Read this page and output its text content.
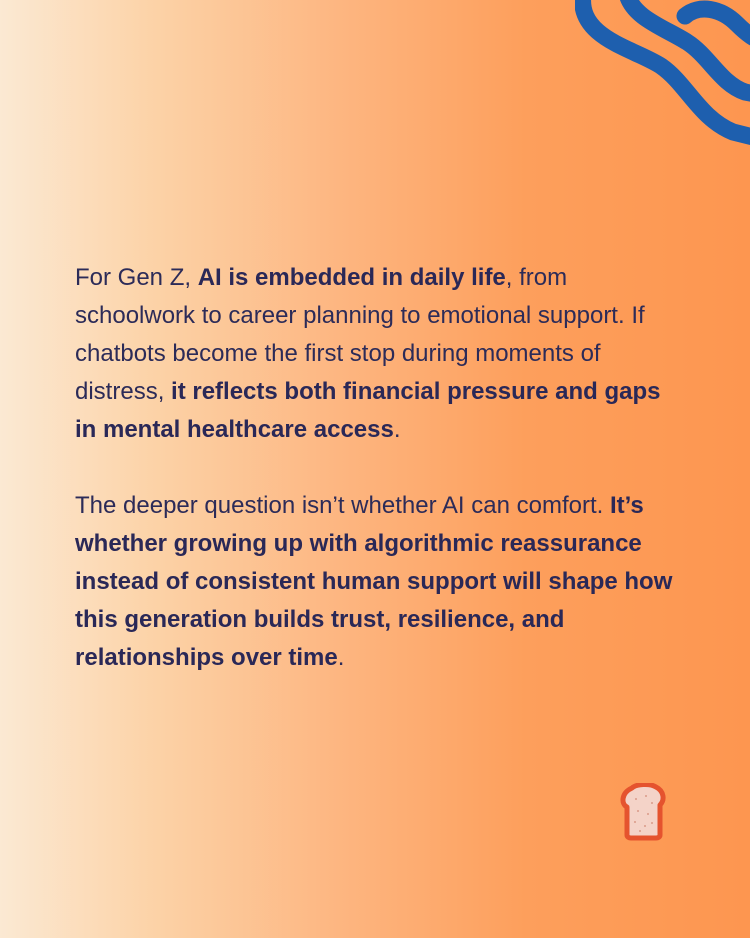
For Gen Z, AI is embedded in daily life, from schoolwork to career planning to emotional support. If chatbots become the first stop during moments of distress, it reflects both financial pressure and gaps in mental healthcare access.

The deeper question isn’t whether AI can comfort. It’s whether growing up with algorithmic reassurance instead of consistent human support will shape how this generation builds trust, resilience, and relationships over time.
